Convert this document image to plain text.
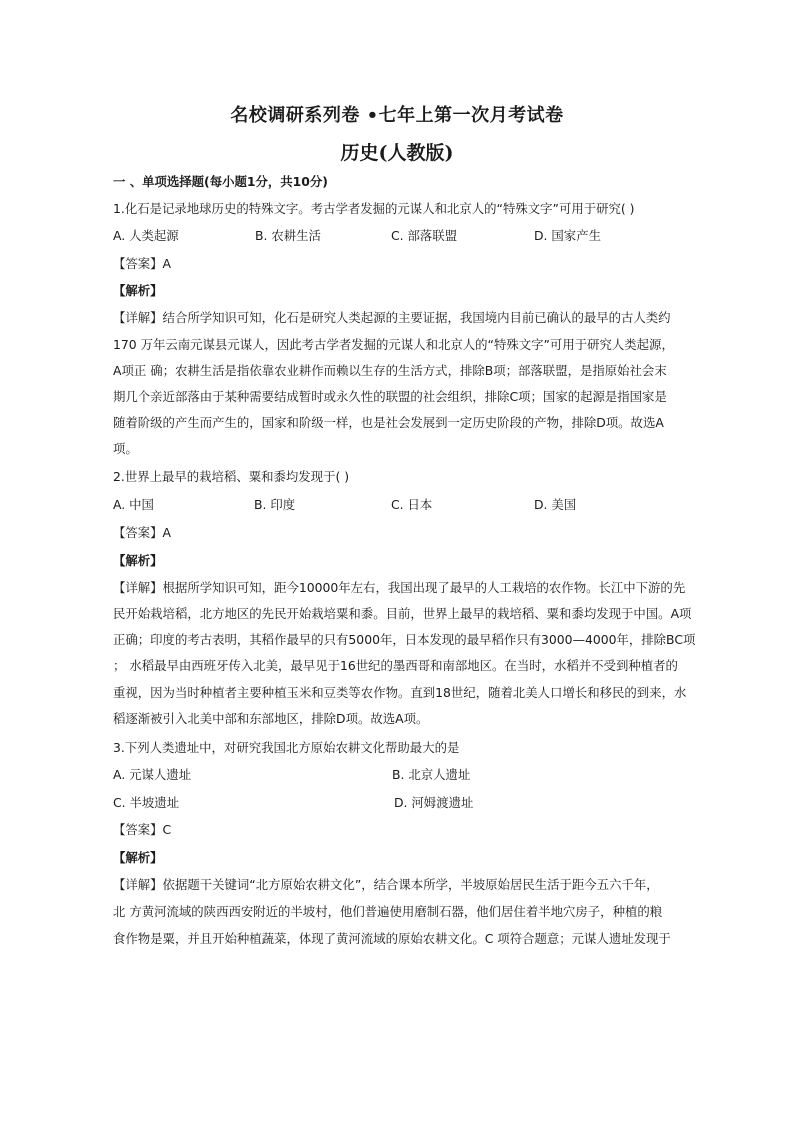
名校调研系列卷 •七年上第一次月考试卷
历史(人教版)
一 、单项选择题(每小题1分，共10分)
1.化石是记录地球历史的特殊文字。考古学者发掘的元谋人和北京人的“特殊文字”可用于研究( )
A. 人类起源	B. 农耕生活	C. 部落联盟	D. 国家产生
【答案】A
【解析】
【详解】结合所学知识可知，化石是研究人类起源的主要证据，我国境内目前已确认的最早的古人类约
170 万年云南元谋县元谋人，因此考古学者发掘的元谋人和北京人的“特殊文字”可用于研究人类起源，
A项正 确；农耕生活是指依靠农业耕作而赖以生存的生活方式，排除B项；部落联盟，是指原始社会末
期几个亲近部落由于某种需要结成暂时或永久性的联盟的社会组织，排除C项；国家的起源是指国家是
随着阶级的产生而产生的，国家和阶级一样，也是社会发展到一定历史阶段的产物，排除D项。故选A
项。
2.世界上最早的栽培稻、粟和黍均发现于( )
A. 中国	B. 印度	C. 日本	D. 美国
【答案】A
【解析】
【详解】根据所学知识可知，距今10000年左右，我国出现了最早的人工栽培的农作物。长江中下游的先
民开始栽培稻，北方地区的先民开始栽培粟和黍。目前，世界上最早的栽培稻、粟和黍均发现于中国。A项
正确；印度的考古表明，其稻作最早的只有5000年，日本发现的最早稻作只有3000—4000年，排除BC项
； 水稻最早由西班牙传入北美，最早见于16世纪的墨西哥和南部地区。在当时，水稻并不受到种植者的
重视，因为当时种植者主要种植玉米和豆类等农作物。直到18世纪，随着北美人口增长和移民的到来，水
稻逐渐被引入北美中部和东部地区，排除D项。故选A项。
3.下列人类遗址中，对研究我国北方原始农耕文化帮助最大的是
A. 元谋人遗址	B. 北京人遗址
C. 半坡遗址	D. 河姆渡遗址
【答案】C
【解析】
【详解】依据题干关键词“北方原始农耕文化”，结合课本所学，半坡原始居民生活于距今五六千年，
北 方黄河流域的陕西西安附近的半坡村，他们普遍使用磨制石器，他们居住着半地穴房子，种植的粮
食作物是粟，并且开始种植蔬菜，体现了黄河流域的原始农耕文化。C 项符合题意；元谋人遗址发现于
